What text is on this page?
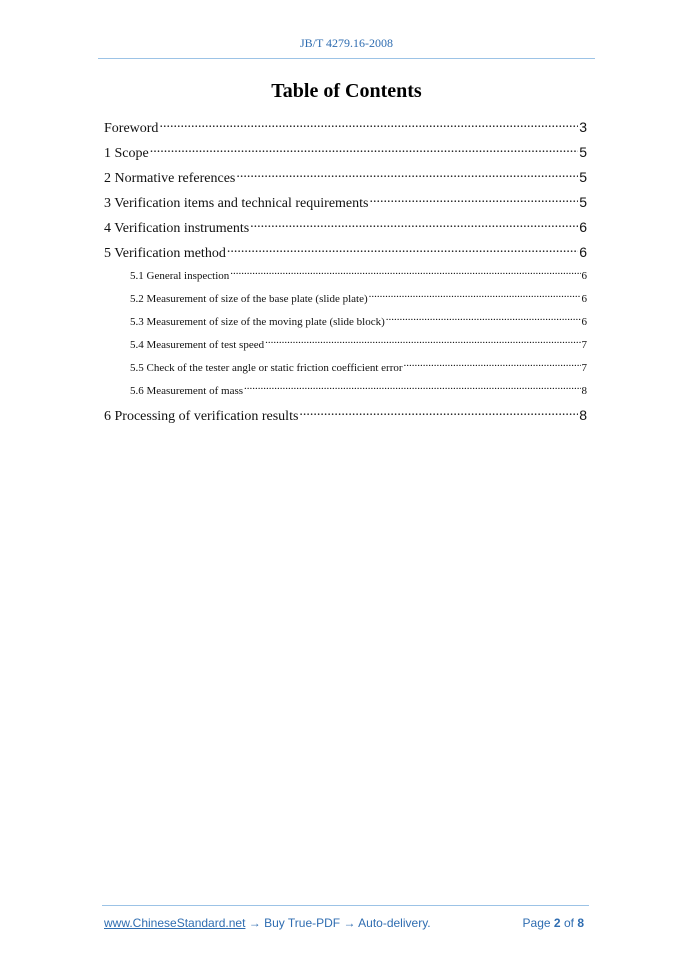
JB/T 4279.16-2008
Table of Contents
Foreword .....	3
1 Scope .....	5
2 Normative references .....	5
3 Verification items and technical requirements .....	5
4 Verification instruments .....	6
5 Verification method .....	6
5.1 General inspection .....	6
5.2 Measurement of size of the base plate (slide plate) .....	6
5.3 Measurement of size of the moving plate (slide block) .....	6
5.4 Measurement of test speed .....	7
5.5 Check of the tester angle or static friction coefficient error .....	7
5.6 Measurement of mass .....	8
6 Processing of verification results .....	8
www.ChineseStandard.net → Buy True-PDF → Auto-delivery.	Page 2 of 8
